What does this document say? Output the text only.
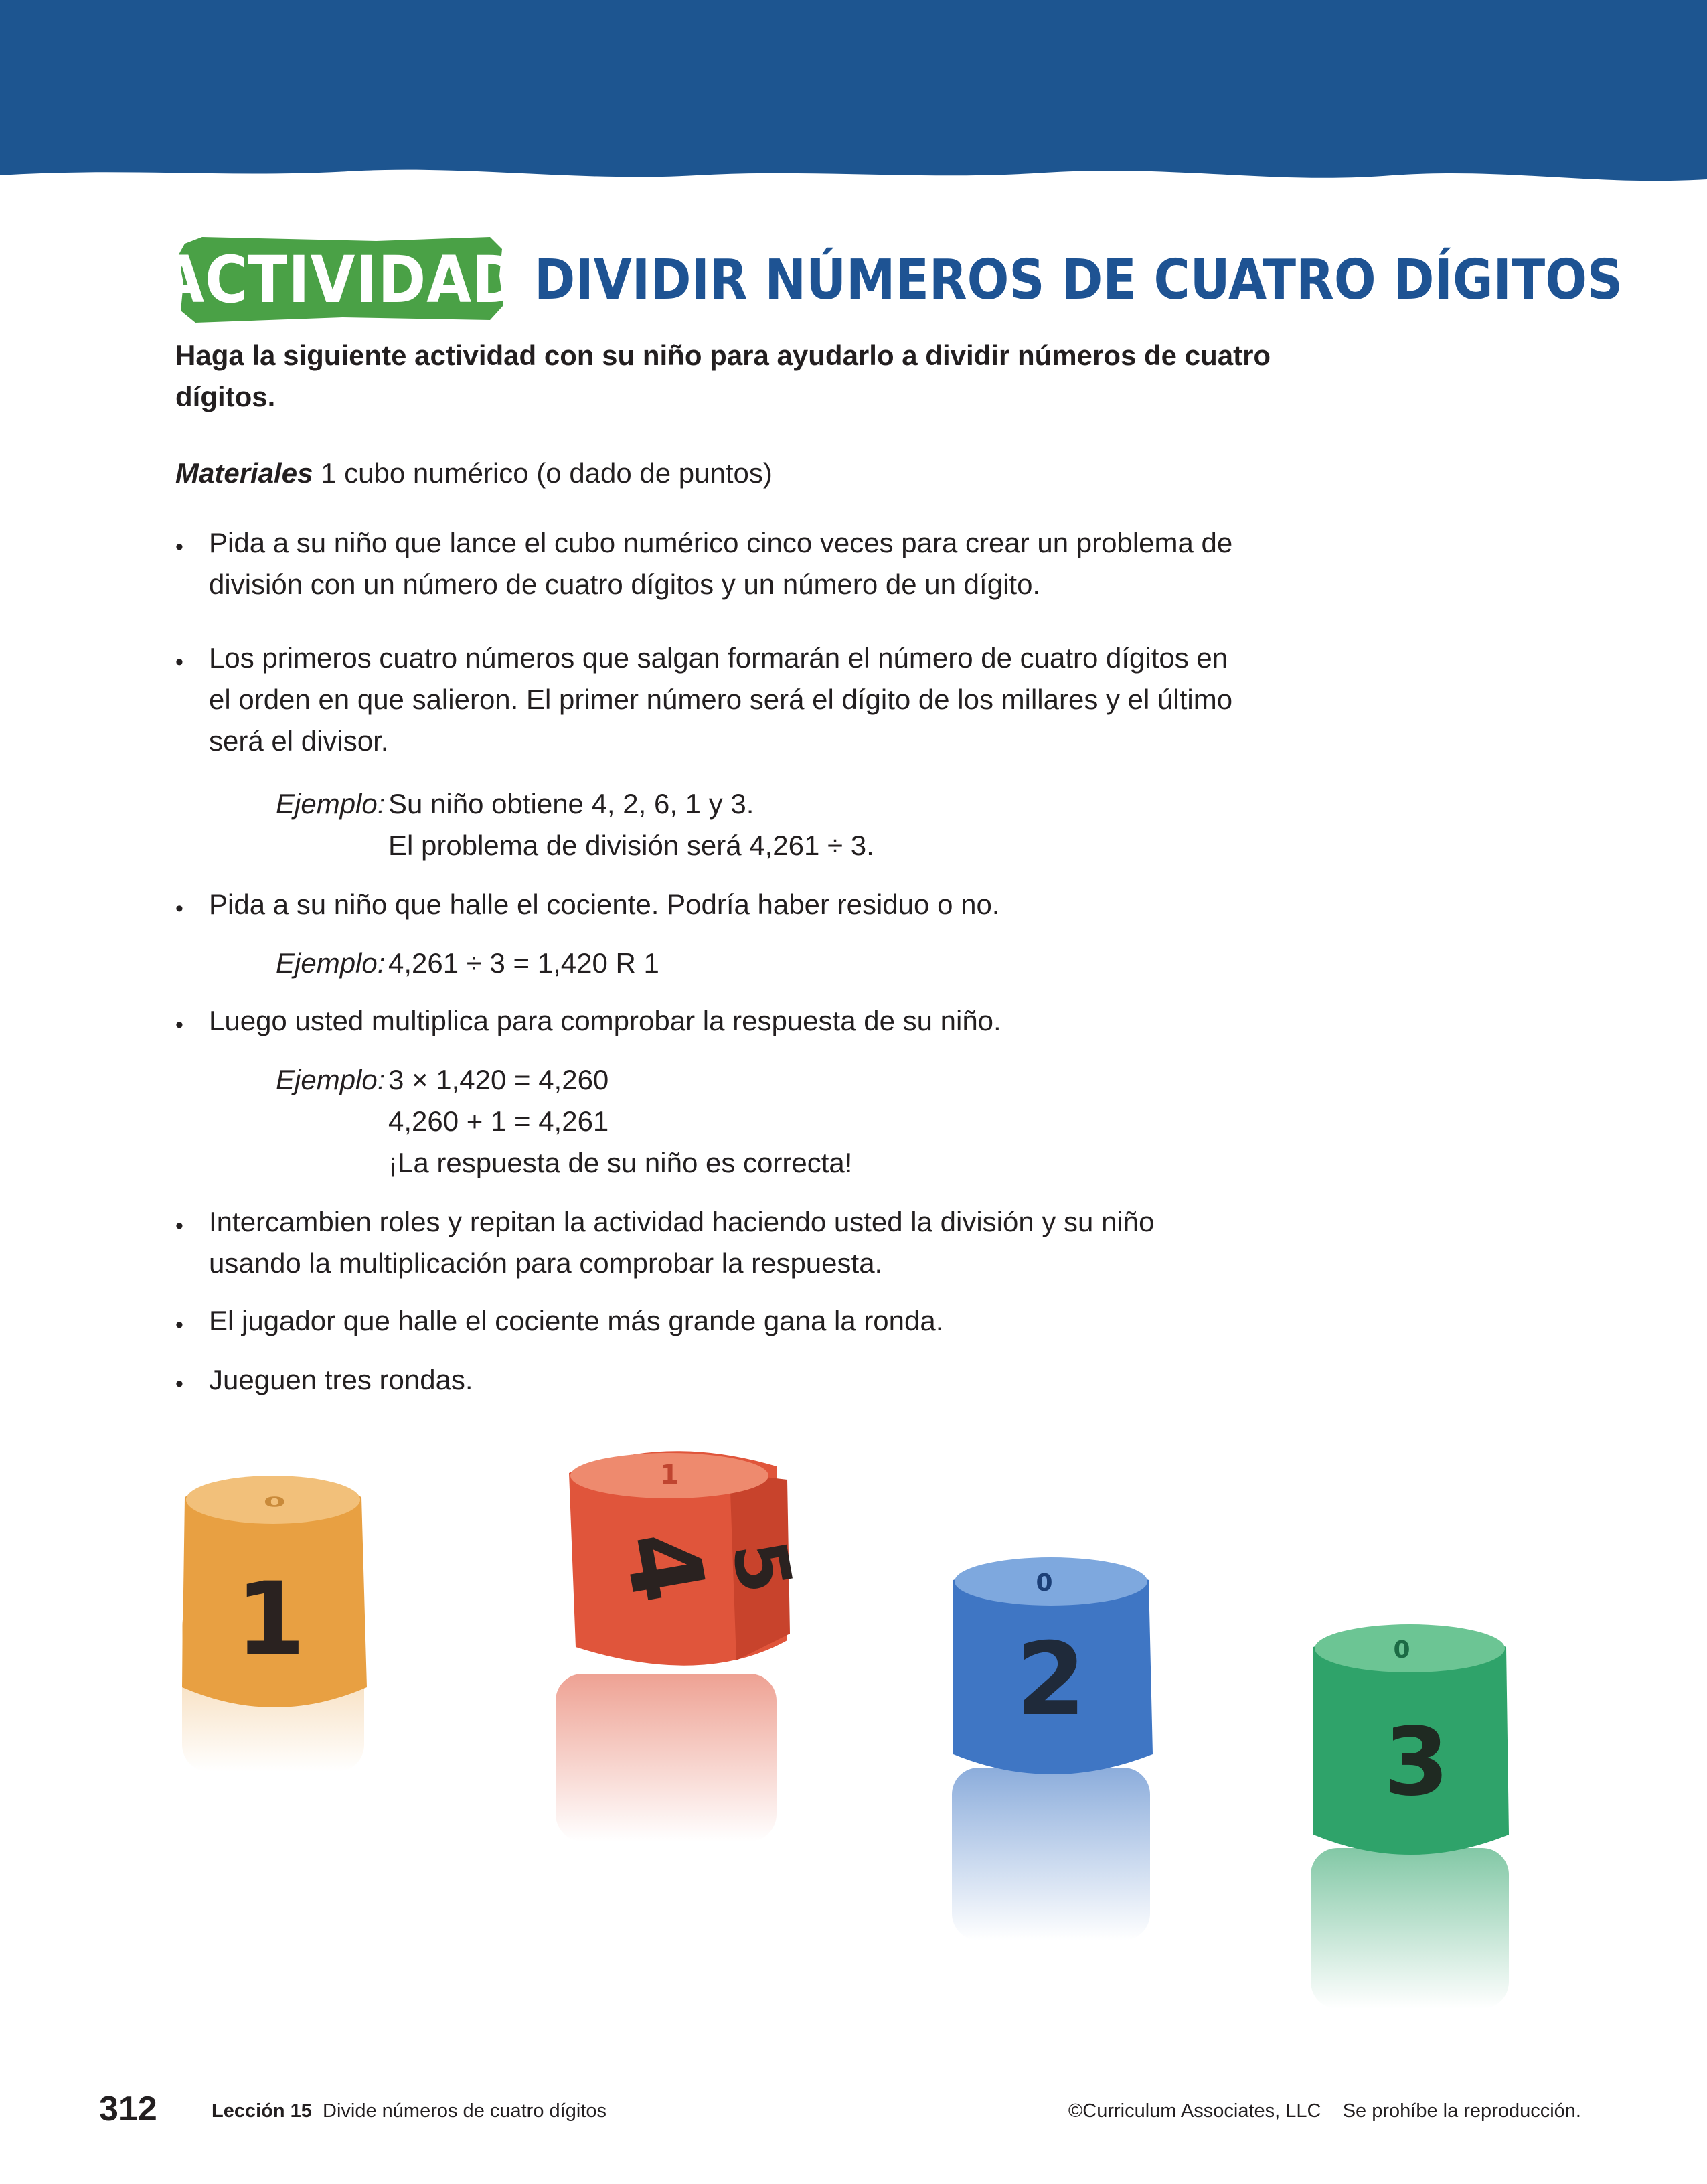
ACTIVIDAD DIVIDIR NÚMEROS DE CUATRO DÍGITOS
Haga la siguiente actividad con su niño para ayudarlo a dividir números de cuatro dígitos.
Materiales 1 cubo numérico (o dado de puntos)
• Pida a su niño que lance el cubo numérico cinco veces para crear un problema de
división con un número de cuatro dígitos y un número de un dígito.
• Los primeros cuatro números que salgan formarán el número de cuatro dígitos en
el orden en que salieron. El primer número será el dígito de los millares y el último
será el divisor.
Ejemplo: Su niño obtiene 4, 2, 6, 1 y 3.
El problema de división será 4,261 ÷ 3.
• Pida a su niño que halle el cociente. Podría haber residuo o no.
Ejemplo: 4,261 ÷ 3 = 1,420 R 1
• Luego usted multiplica para comprobar la respuesta de su niño.
Ejemplo: 3 × 1,420 = 4,260
4,260 + 1 = 4,261
¡La respuesta de su niño es correcta!
• Intercambien roles y repitan la actividad haciendo usted la división y su niño
usando la multiplicación para comprobar la respuesta.
• El jugador que halle el cociente más grande gana la ronda.
• Jueguen tres rondas.
0
1
1
4
5	0
2	0
3
312	Lección 15 Divide números de cuatro dígitos	©Curriculum Associates, LLC Se prohíbe la reproducción.
